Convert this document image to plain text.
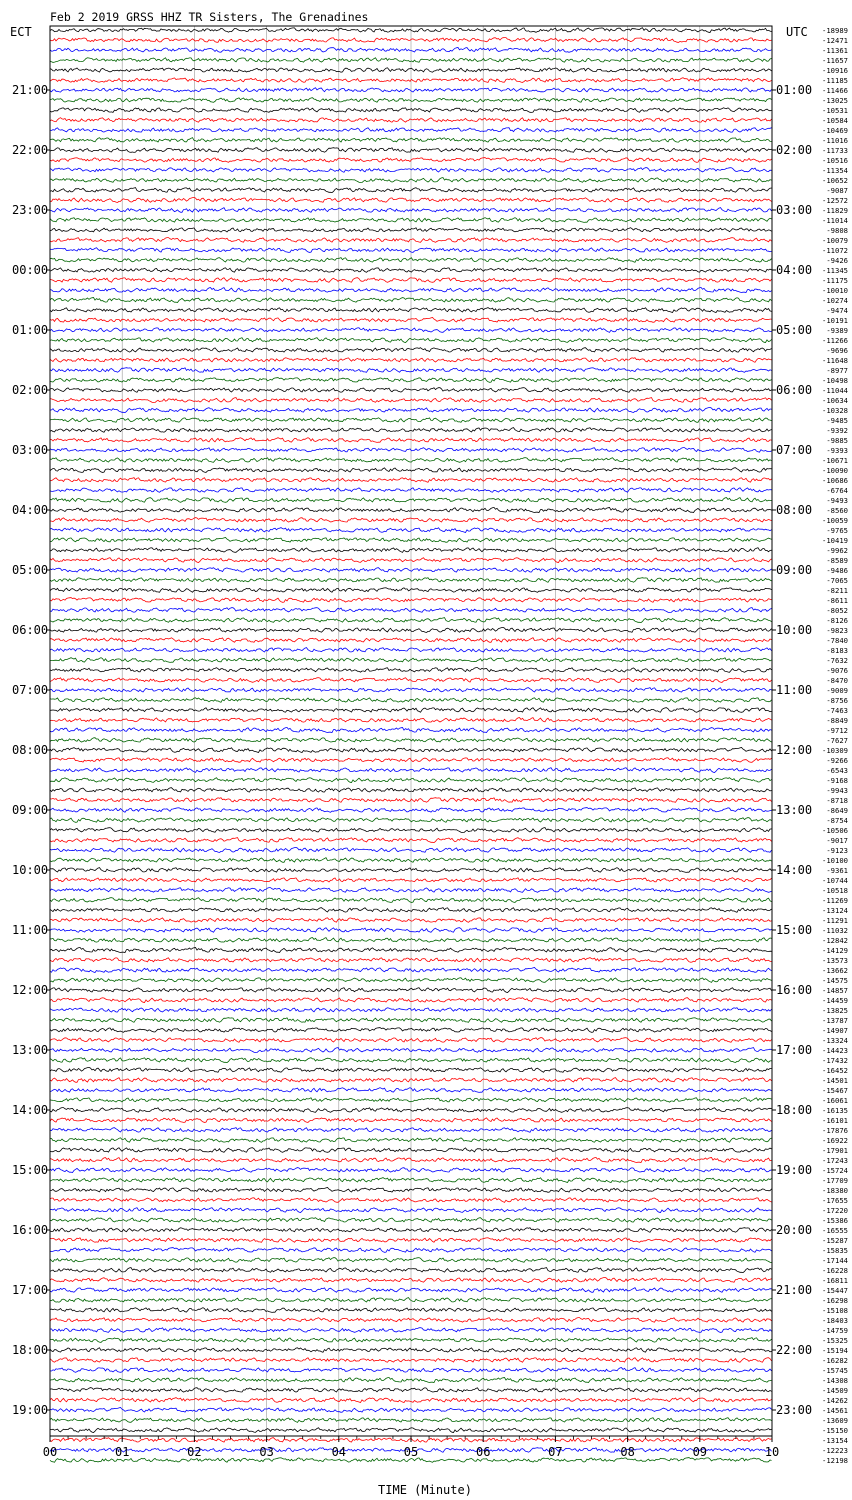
Feb 2 2019 GRSS HHZ TR Sisters, The Grenadines
ECT	UTC
21:00
22:00
23:00
00:00
01:00
02:00
03:00
04:00
05:00
06:00
07:00
08:00
09:00
10:00
11:00
12:00
13:00
14:00
15:00
16:00
17:00
18:00
19:00
01:00
02:00
03:00
04:00
05:00
06:00
07:00
08:00
09:00
10:00
11:00
12:00
13:00
14:00
15:00
16:00
17:00
18:00
19:00
20:00
21:00
22:00
23:00
-18989
-12471
-11361
-11657
-10916
-11185
-11466
-13025
-10531
-10584
-10469
-11016
-11733
-10516
-11354
-10652
-9087
-12572
-11829
-11014
-9808
-10079
-11072
-9426
-11345
-11175
-10010
-10274
-9474
-10191
-9389
-11266
-9696
-11648
-8977
-10498
-11044
-10634
-10328
-9485
-9392
-9885
-9393
-10671
-10090
-10686
-6764
-9493
-8560
-10059
-9765
-10419
-9962
-8589
-9486
-7065
-8211
-8611
-8052
-8126
-9823
-7840
-8183
-7632
-9076
-8470
-9009
-8756
-7463
-8849
-9712
-7627
-10309
-9266
-6543
-9168
-9943
-8718
-8649
-8754
-10506
-9017
-9123
-10100
-9361
-10744
-10518
-11269
-13124
-11291
-11032
-12842
-14129
-13573
-13662
-14575
-14857
-14459
-13825
-13787
-14907
-13324
-14423
-17432
-16452
-14501
-15467
-16061
-16135
-16101
-17876
-16922
-17901
-17243
-15724
-17709
-18380
-17655
-17220
-15386
-16555
-15287
-15835
-17144
-16228
-16811
-15447
-16298
-15108
-18403
-14759
-15325
-15194
-16282
-15745
-14308
-14509
-14262
-14561
-13609
-15150
-13154
-12223
-12198
00	01	02	03	04	05	06	07	08	09	10
TIME (Minute)
